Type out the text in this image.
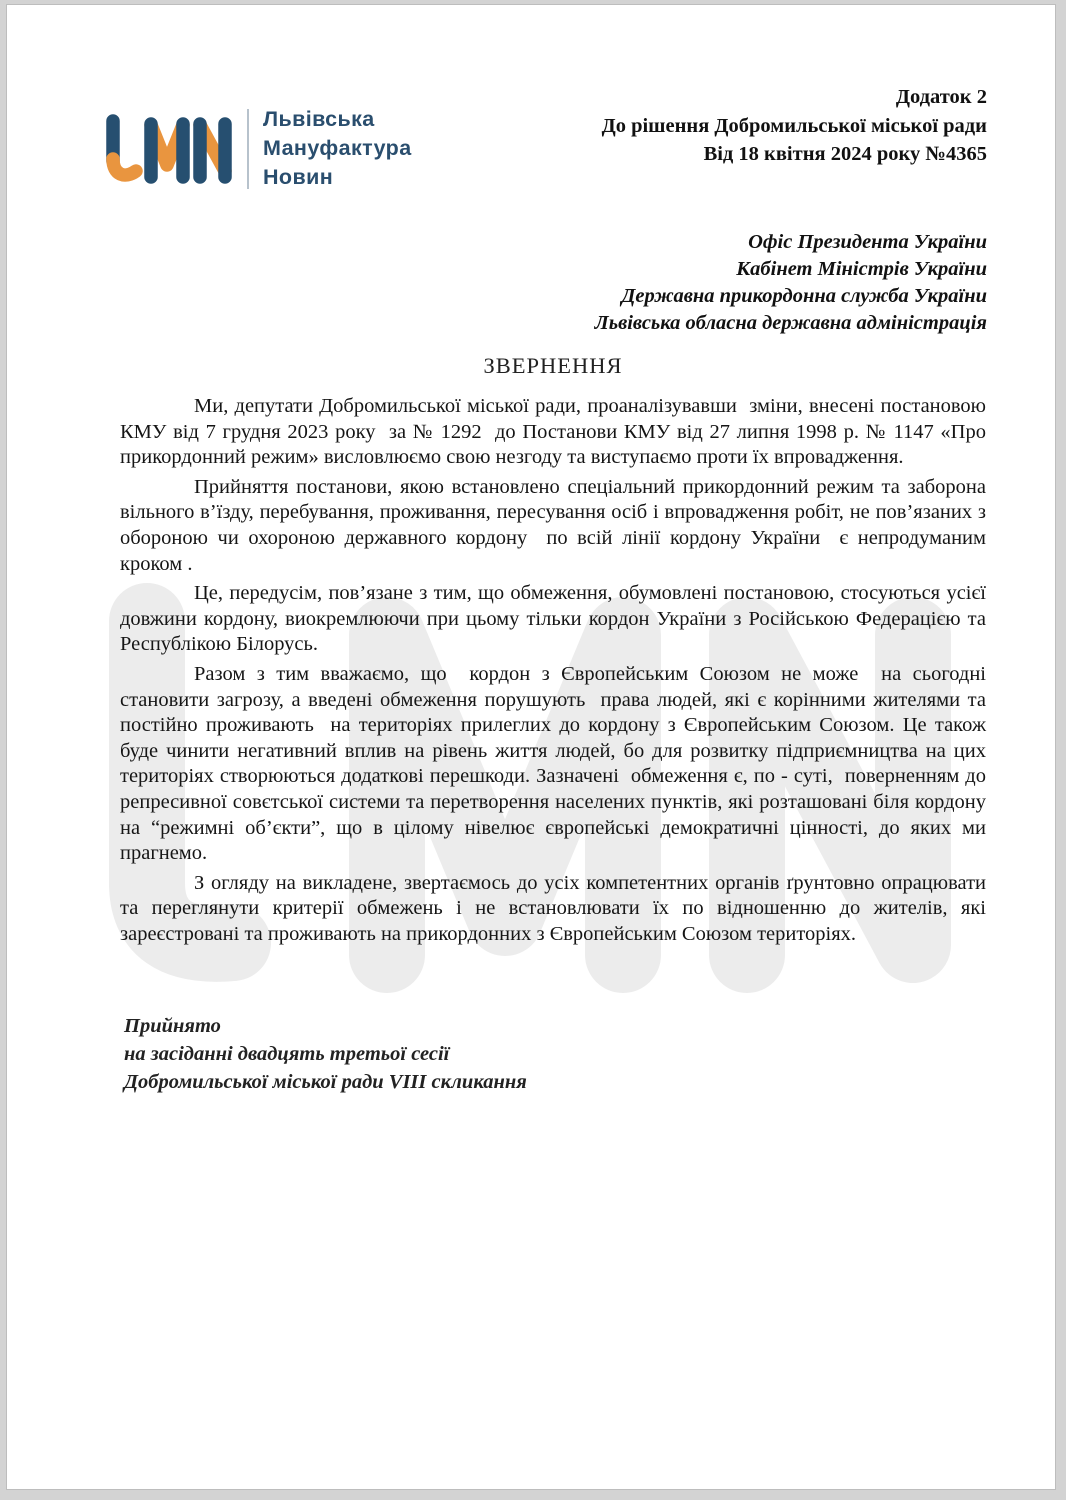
Додаток 2
До рішення Добромильської міської ради
Від 18 квітня 2024 року №4365
Львівська
Мануфактура
Новин
Офіс Президента України
Кабінет Міністрів України
Державна прикордонна служба України
Львівська обласна державна адміністрація
ЗВЕРНЕННЯ

Ми, депутати Добромильської міської ради, проаналізувавши  зміни, внесені постановою КМУ від 7 грудня 2023 року  за № 1292  до Постанови КМУ від 27 липня 1998 р. № 1147 «Про прикордонний режим» висловлюємо свою незгоду та виступаємо проти їх впровадження.

Прийняття постанови, якою встановлено спеціальний прикордонний режим та заборона вільного в’їзду, перебування, проживання, пересування осіб і впровадження робіт, не пов’язаних з обороною чи охороною державного кордону  по всій лінії кордону України  є непродуманим кроком .

Це, передусім, пов’язане з тим, що обмеження, обумовлені постановою, стосуються усієї довжини кордону, виокремлюючи при цьому тільки кордон України з Російською Федерацією та Республікою Білорусь.

Разом з тим вважаємо, що  кордон з Європейським Союзом не може  на сьогодні становити загрозу, а введені обмеження порушують  права людей, які є корінними жителями та  постійно проживають  на територіях прилеглих до кордону з Європейським Союзом. Це також буде чинити негативний вплив на рівень життя людей, бо для розвитку підприємництва на цих територіях створюються додаткові перешкоди. Зазначені  обмеження є, по - суті,  поверненням до репресивної совєтської системи та перетворення населених пунктів, які розташовані біля кордону на “режимні об’єкти”, що в цілому нівелює європейські демократичні цінності, до яких ми прагнемо.

З огляду на викладене, звертаємось до усіх компетентних органів ґрунтовно опрацювати та переглянути критерії обмежень і не встановлювати їх по відношенню до жителів, які зареєстровані та проживають на прикордонних з Європейським Союзом територіях.

Прийнято
на засіданні двадцять третьої сесії
Добромильської міської ради VIII скликання
